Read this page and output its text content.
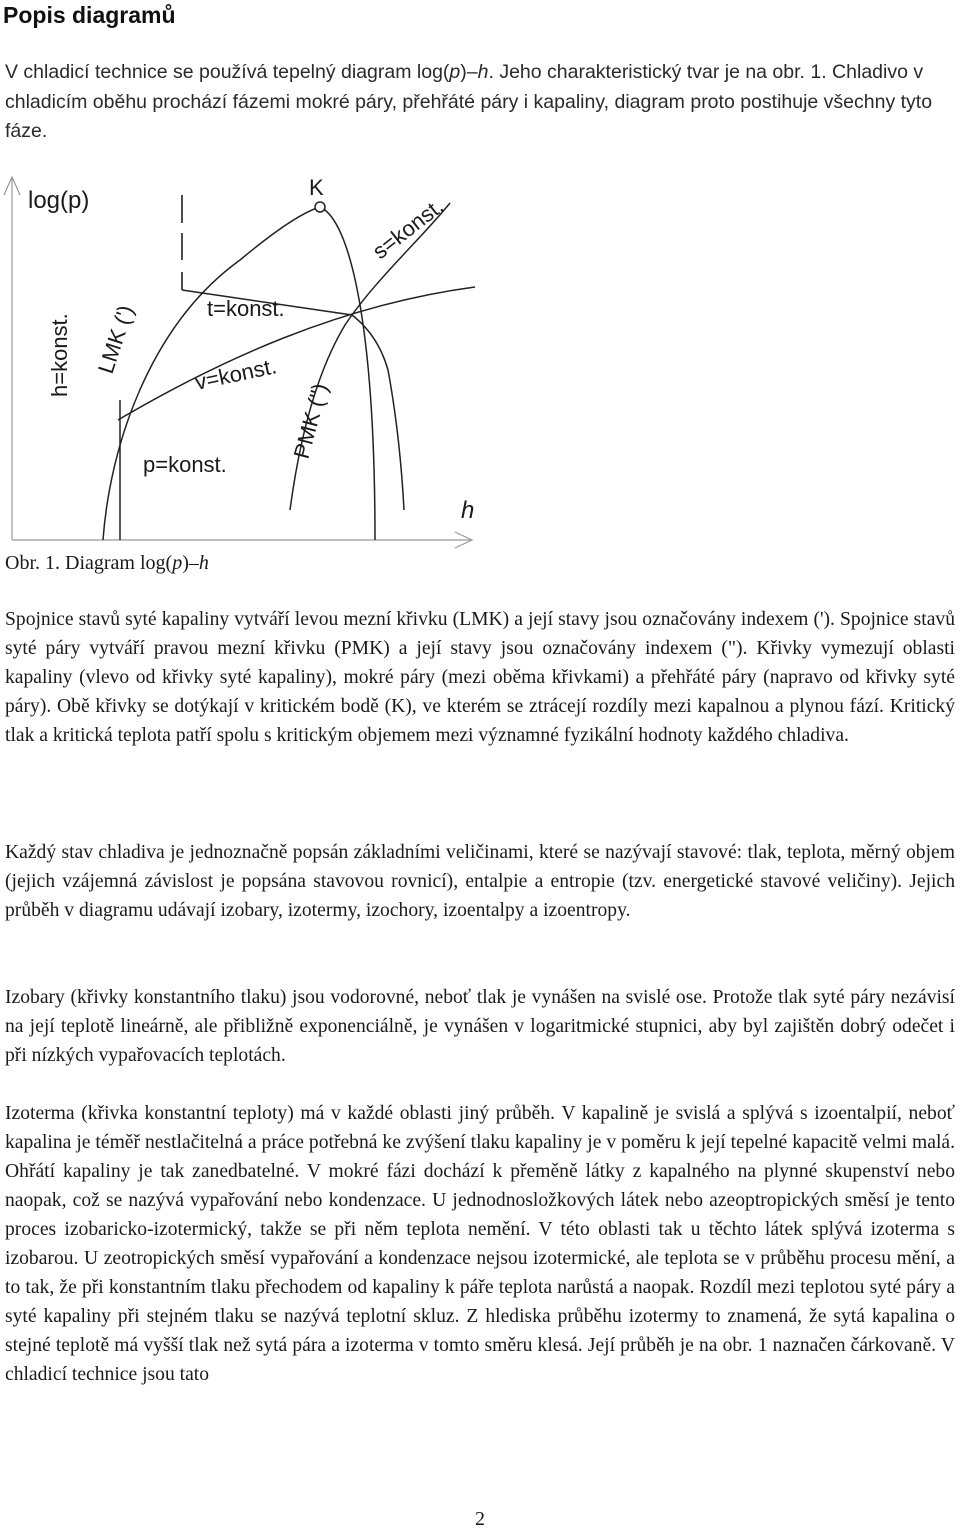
Popis diagramů
V chladicí technice se používá tepelný diagram log(p)–h. Jeho charakteristický tvar je na obr. 1. Chladivo v chladicím oběhu prochází fázemi mokré páry, přehřáté páry i kapaliny, diagram proto postihuje všechny tyto fáze.
log(p)	K
s=konst.
h=konst. LMK (')	t=konst.
v=konst.
PMK ('')
p=konst.
h
Obr. 1. Diagram log(p)–h

Spojnice stavů syté kapaliny vytváří levou mezní křivku (LMK) a její stavy jsou označovány indexem ('). Spojnice stavů syté páry vytváří pravou mezní křivku (PMK) a její stavy jsou označovány indexem ("). Křivky vymezují oblasti kapaliny (vlevo od křivky syté kapaliny), mokré páry (mezi oběma křivkami) a přehřáté páry (napravo od křivky syté páry). Obě křivky se dotýkají v kritickém bodě (K), ve kterém se ztrácejí rozdíly mezi kapalnou a plynou fází. Kritický tlak a kritická teplota patří spolu s kritickým objemem mezi významné fyzikální hodnoty každého chladiva.

Každý stav chladiva je jednoznačně popsán základními veličinami, které se nazývají stavové: tlak, teplota, měrný objem (jejich vzájemná závislost je popsána stavovou rovnicí), entalpie a entropie (tzv. energetické stavové veličiny). Jejich průběh v diagramu udávají izobary, izotermy, izochory, izoentalpy a izoentropy.

Izobary (křivky konstantního tlaku) jsou vodorovné, neboť tlak je vynášen na svislé ose. Protože tlak syté páry nezávisí na její teplotě lineárně, ale přibližně exponenciálně, je vynášen v logaritmické stupnici, aby byl zajištěn dobrý odečet i při nízkých vypařovacích teplotách.

Izoterma (křivka konstantní teploty) má v každé oblasti jiný průběh. V kapalině je svislá a splývá s izoentalpií, neboť kapalina je téměř nestlačitelná a práce potřebná ke zvýšení tlaku kapaliny je v poměru k její tepelné kapacitě velmi malá. Ohřátí kapaliny je tak zanedbatelné. V mokré fázi dochází k přeměně látky z kapalného na plynné skupenství nebo naopak, což se nazývá vypařování nebo kondenzace. U jednodnosložkových látek nebo azeoptropických směsí je tento proces izobaricko-izotermický, takže se při něm teplota nemění. V této oblasti tak u těchto látek splývá izoterma s izobarou. U zeotropických směsí vypařování a kondenzace nejsou izotermické, ale teplota se v průběhu procesu mění, a to tak, že při konstantním tlaku přechodem od kapaliny k páře teplota narůstá a naopak. Rozdíl mezi teplotou syté páry a syté kapaliny při stejném tlaku se nazývá teplotní skluz. Z hlediska průběhu izotermy to znamená, že sytá kapalina o stejné teplotě má vyšší tlak než sytá pára a izoterma v tomto směru klesá. Její průběh je na obr. 1 naznačen čárkovaně. V chladicí technice jsou tato

2
